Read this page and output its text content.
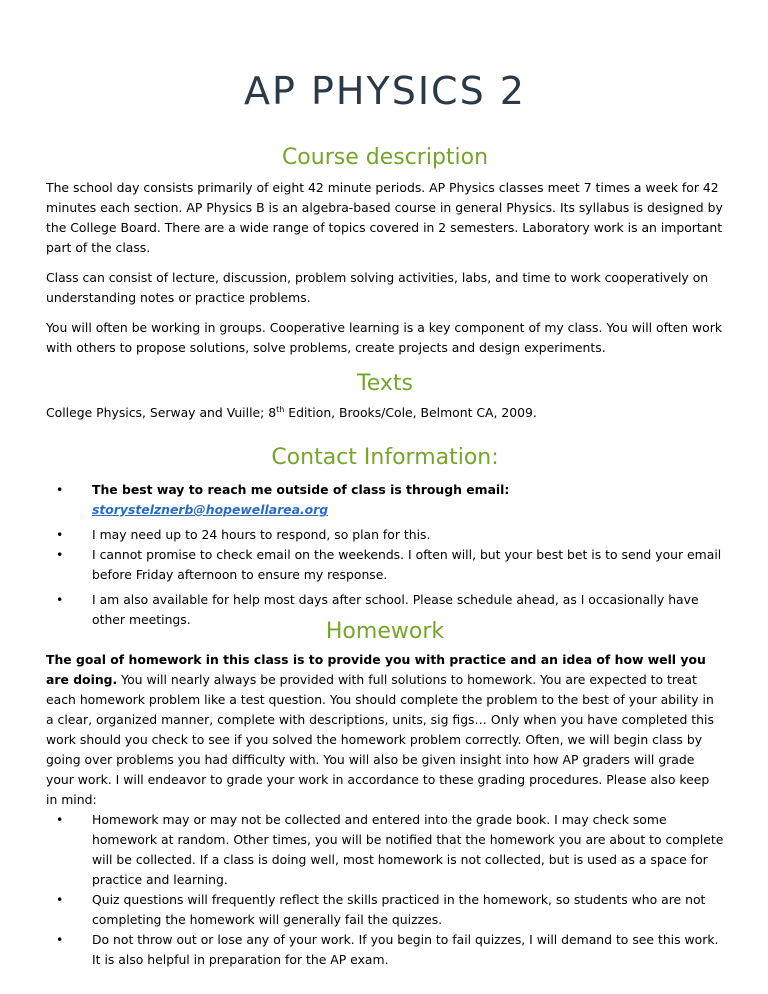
AP PHYSICS 2
Course description

The school day consists primarily of eight 42 minute periods. AP Physics classes meet 7 times a week for 42 minutes each section. AP Physics B is an algebra-based course in general Physics. Its syllabus is designed by the College Board. There are a wide range of topics covered in 2 semesters. Laboratory work is an important part of the class.

Class can consist of lecture, discussion, problem solving activities, labs, and time to work cooperatively on understanding notes or practice problems.

You will often be working in groups. Cooperative learning is a key component of my class. You will often work with others to propose solutions, solve problems, create projects and design experiments.

Texts

College Physics, Serway and Vuille; 8th Edition, Brooks/Cole, Belmont CA, 2009.

Contact Information:
• The best way to reach me outside of class is through email: storystelznerb@hopewellarea.org
• I may need up to 24 hours to respond, so plan for this.
• I cannot promise to check email on the weekends. I often will, but your best bet is to send your email before Friday afternoon to ensure my response.
• I am also available for help most days after school. Please schedule ahead, as I occasionally have other meetings.	Homework

The goal of homework in this class is to provide you with practice and an idea of how well you are doing. You will nearly always be provided with full solutions to homework. You are expected to treat each homework problem like a test question. You should complete the problem to the best of your ability in a clear, organized manner, complete with descriptions, units, sig figs… Only when you have completed this work should you check to see if you solved the homework problem correctly. Often, we will begin class by going over problems you had difficulty with. You will also be given insight into how AP graders will grade your work. I will endeavor to grade your work in accordance to these grading procedures. Please also keep in mind:

• Homework may or may not be collected and entered into the grade book. I may check some homework at random. Other times, you will be notified that the homework you are about to complete will be collected. If a class is doing well, most homework is not collected, but is used as a space for practice and learning.
• Quiz questions will frequently reflect the skills practiced in the homework, so students who are not completing the homework will generally fail the quizzes.
• Do not throw out or lose any of your work. If you begin to fail quizzes, I will demand to see this work. It is also helpful in preparation for the AP exam.
